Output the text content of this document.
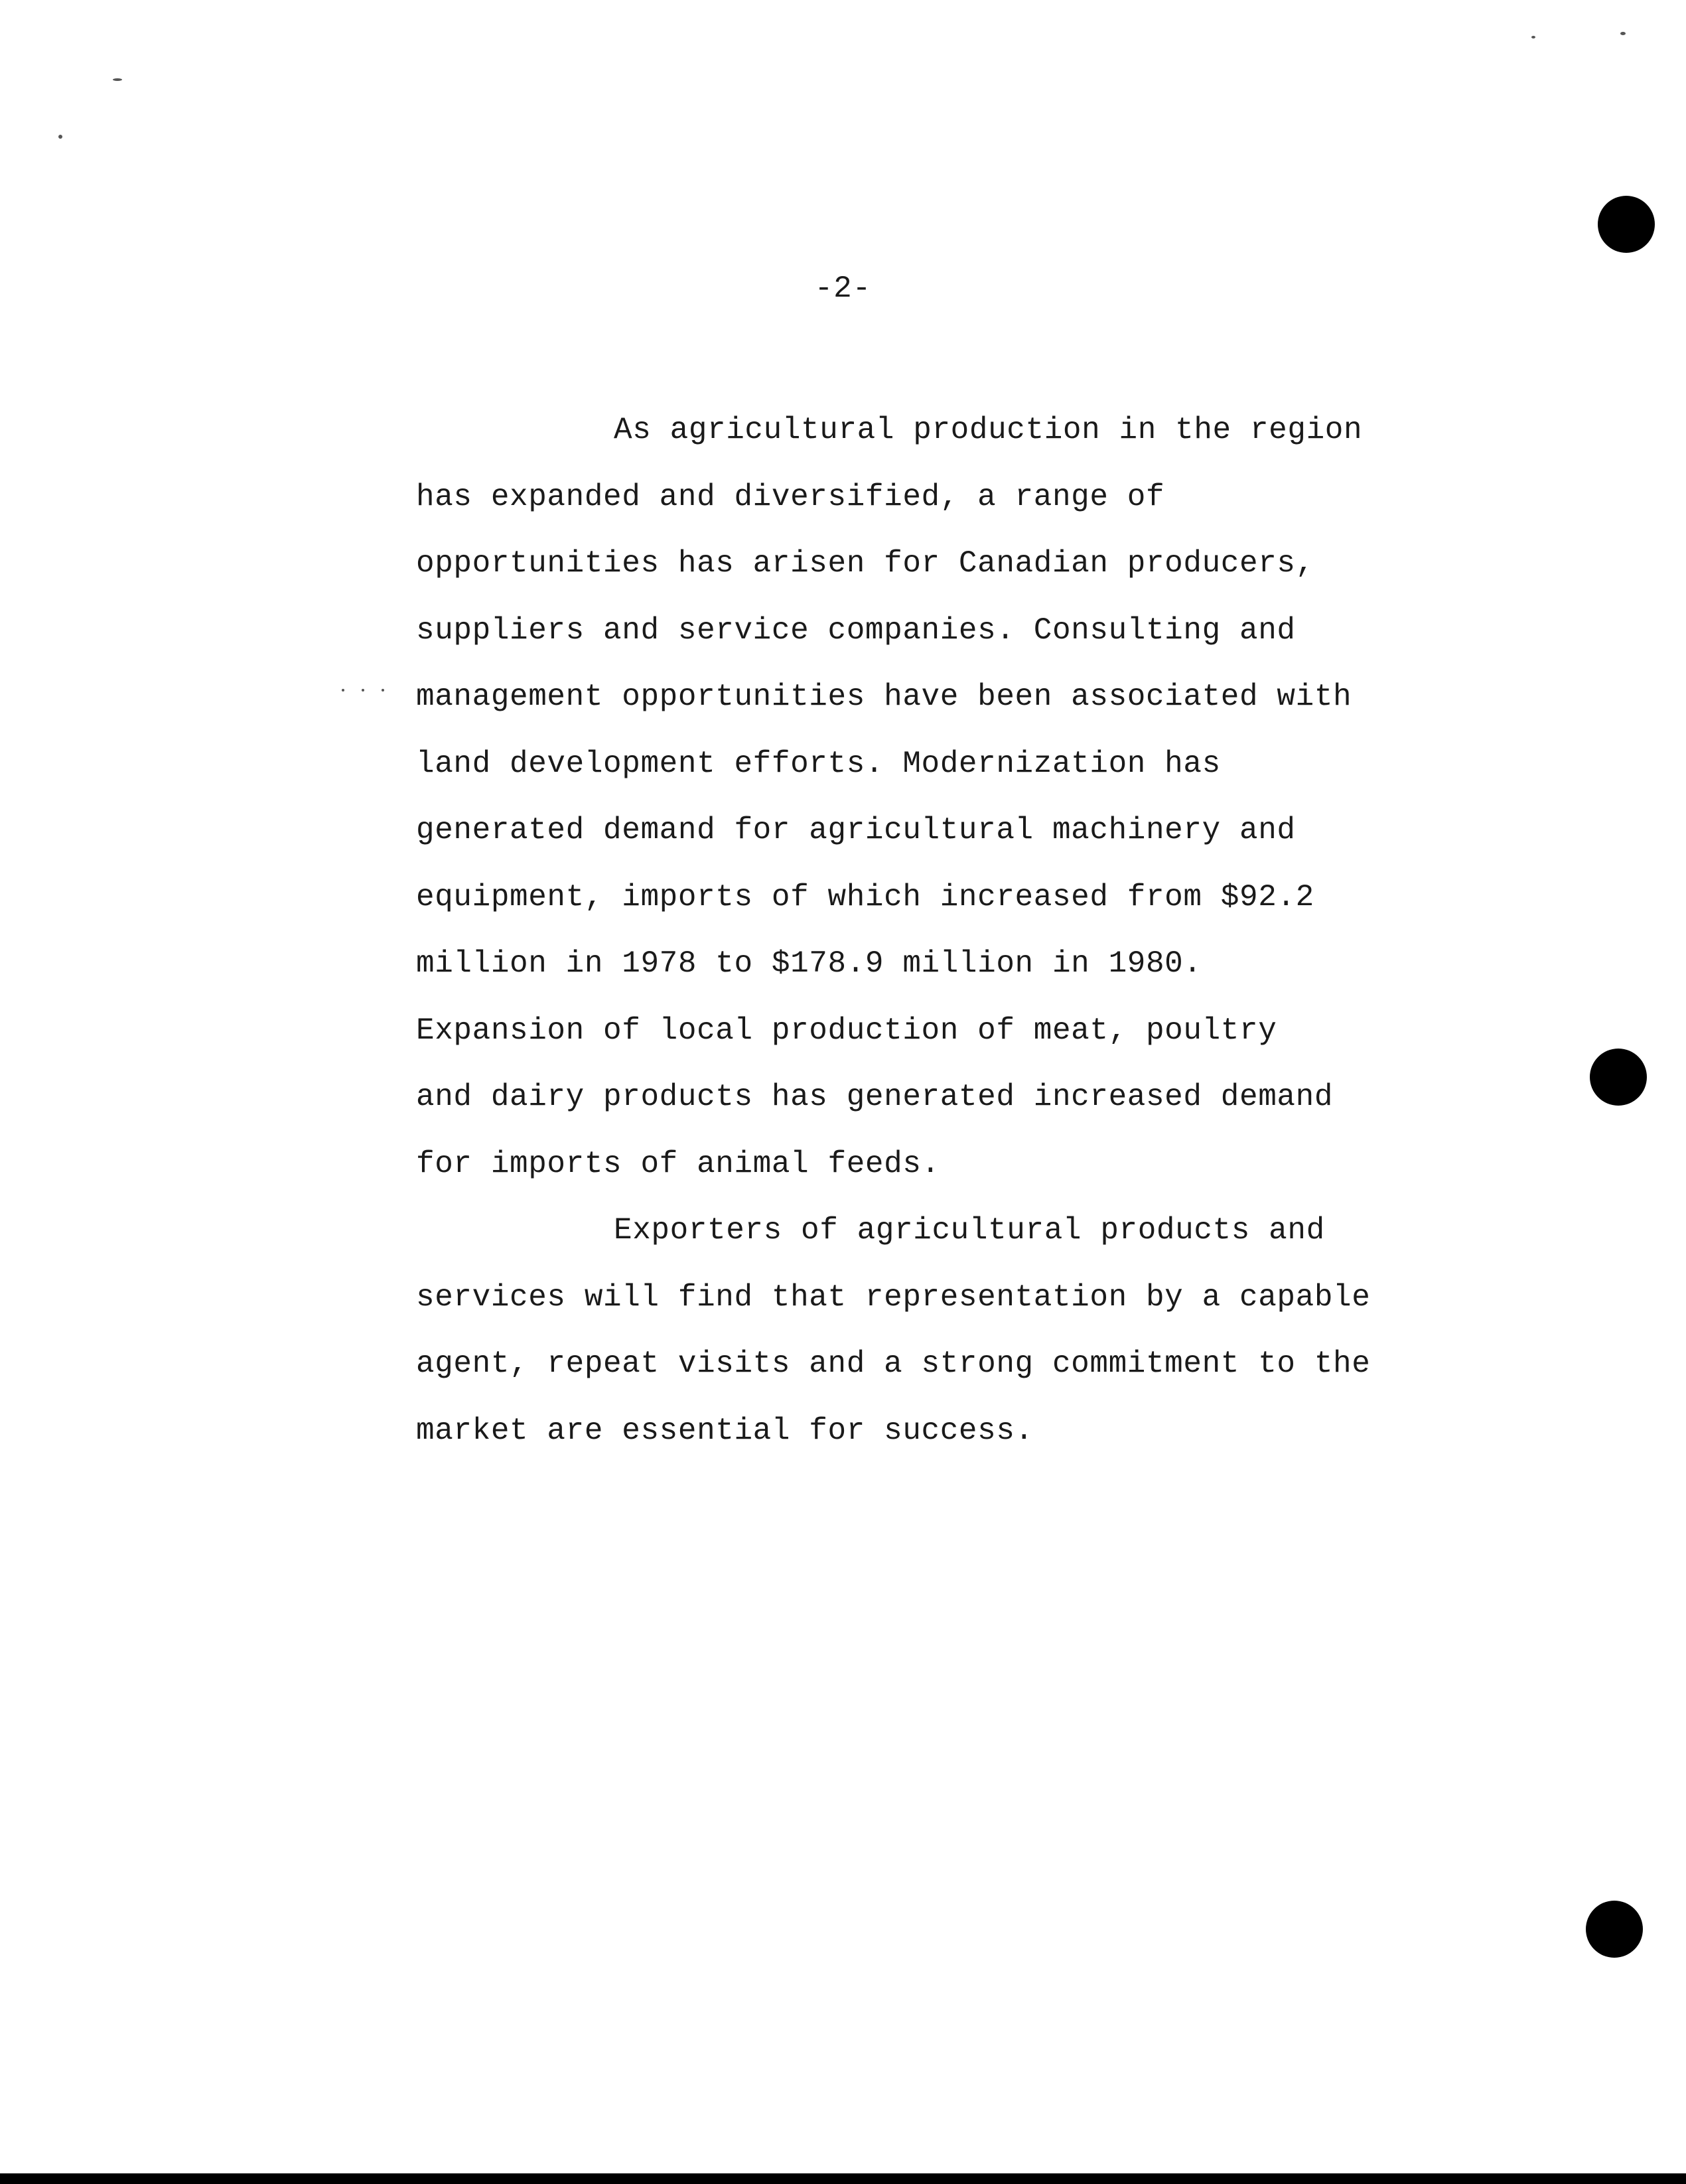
-2-
As agricultural production in the region
has expanded and diversified, a range of
opportunities has arisen for Canadian producers,
suppliers and service companies. Consulting and
management opportunities have been associated with
land development efforts. Modernization has
generated demand for agricultural machinery and
equipment, imports of which increased from $92.2
million in 1978 to $178.9 million in 1980.
Expansion of local production of meat, poultry
and dairy products has generated increased demand
for imports of animal feeds.
Exporters of agricultural products and
services will find that representation by a capable
agent, repeat visits and a strong commitment to the
market are essential for success.
